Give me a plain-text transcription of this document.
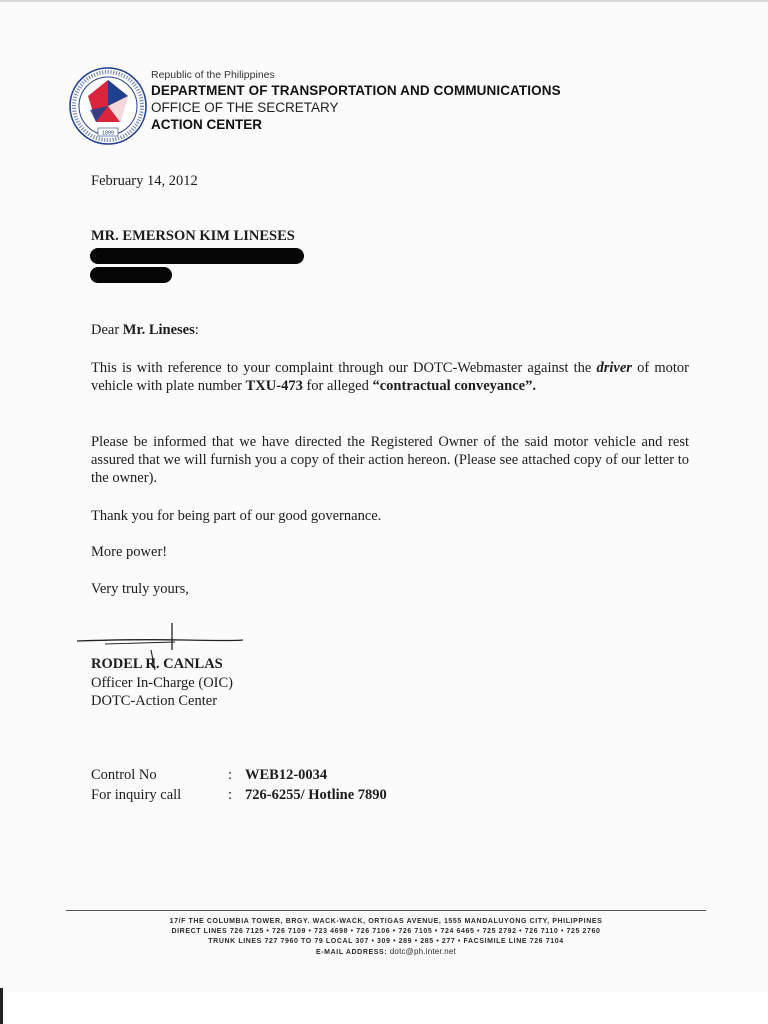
1899
Republic of the Philippines
DEPARTMENT OF TRANSPORTATION AND COMMUNICATIONS
OFFICE OF THE SECRETARY
ACTION CENTER
February 14, 2012
MR. EMERSON KIM LINESES
Dear Mr. Lineses:
This is with reference to your complaint through our DOTC-Webmaster against the driver of motor vehicle with plate number TXU-473 for alleged “contractual conveyance”.
Please be informed that we have directed the Registered Owner of the said motor vehicle and rest assured that we will furnish you a copy of their action hereon. (Please see attached copy of our letter to the owner).
Thank you for being part of our good governance.
More power!
Very truly yours,
RODEL R. CANLAS
Officer In-Charge (OIC)
DOTC-Action Center
Control No	: WEB12-0034
For inquiry call	: 726-6255/ Hotline 7890
17/F THE COLUMBIA TOWER, BRGY. WACK-WACK, ORTIGAS AVENUE, 1555 MANDALUYONG CITY, PHILIPPINES
DIRECT LINES 726 7125 • 726 7109 • 723 4698 • 726 7106 • 726 7105 • 724 6465 • 725 2792 • 726 7110 • 725 2760
TRUNK LINES 727 7960 TO 79 LOCAL 307 • 309 • 289 • 285 • 277 • FACSIMILE LINE 726 7104
E-MAIL ADDRESS: dotc@ph.inter.net
